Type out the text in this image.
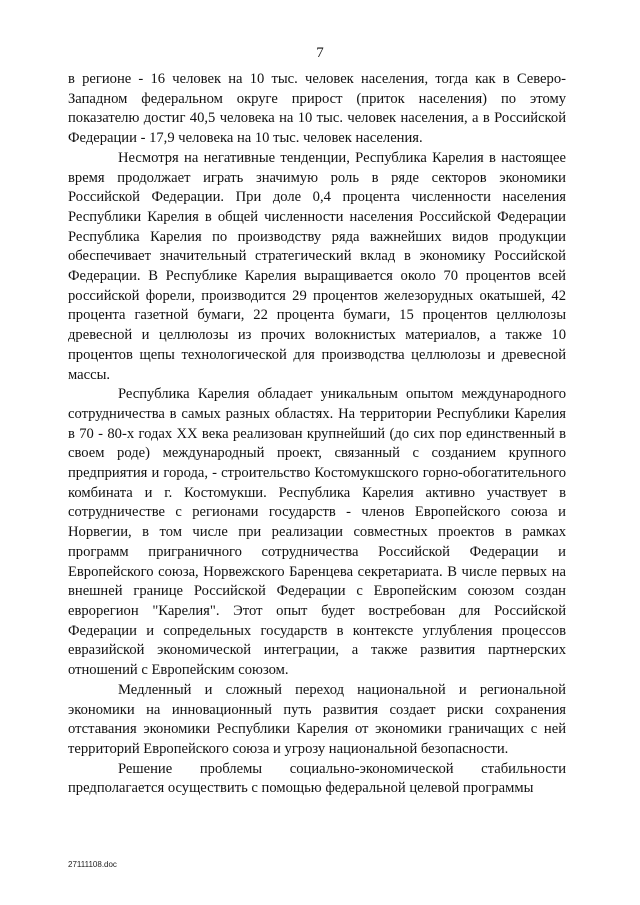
7

в регионе - 16 человек на 10 тыс. человек населения, тогда как в Северо-Западном федеральном округе прирост (приток населения) по этому показателю достиг 40,5 человека на 10 тыс. человек населения, а в Российской Федерации - 17,9 человека на 10 тыс. человек населения.

Несмотря на негативные тенденции, Республика Карелия в настоящее время продолжает играть значимую роль в ряде секторов экономики Российской Федерации. При доле 0,4 процента численности населения Республики Карелия в общей численности населения Российской Федерации Республика Карелия по производству ряда важнейших видов продукции обеспечивает значительный стратегический вклад в экономику Российской Федерации. В Республике Карелия выращивается около 70 процентов всей российской форели, производится 29 процентов железорудных окатышей, 42 процента газетной бумаги, 22 процента бумаги, 15 процентов целлюлозы древесной и целлюлозы из прочих волокнистых материалов, а также 10 процентов щепы технологической для производства целлюлозы и древесной массы.

Республика Карелия обладает уникальным опытом международного сотрудничества в самых разных областях. На территории Республики Карелия в 70 - 80-х годах XX века реализован крупнейший (до сих пор единственный в своем роде) международный проект, связанный с созданием крупного предприятия и города, - строительство Костомукшского горно-обогатительного комбината и г. Костомукши. Республика Карелия активно участвует в сотрудничестве с регионами государств - членов Европейского союза и Норвегии, в том числе при реализации совместных проектов в рамках программ приграничного сотрудничества Российской Федерации и Европейского союза, Норвежского Баренцева секретариата. В числе первых на внешней границе Российской Федерации с Европейским союзом создан еврорегион "Карелия". Этот опыт будет востребован для Российской Федерации и сопредельных государств в контексте углубления процессов евразийской экономической интеграции, а также развития партнерских отношений с Европейским союзом.

Медленный и сложный переход национальной и региональной экономики на инновационный путь развития создает риски сохранения отставания экономики Республики Карелия от экономики граничащих с ней территорий Европейского союза и угрозу национальной безопасности.

Решение проблемы социально-экономической стабильности предполагается осуществить с помощью федеральной целевой программы

27111108.doc
